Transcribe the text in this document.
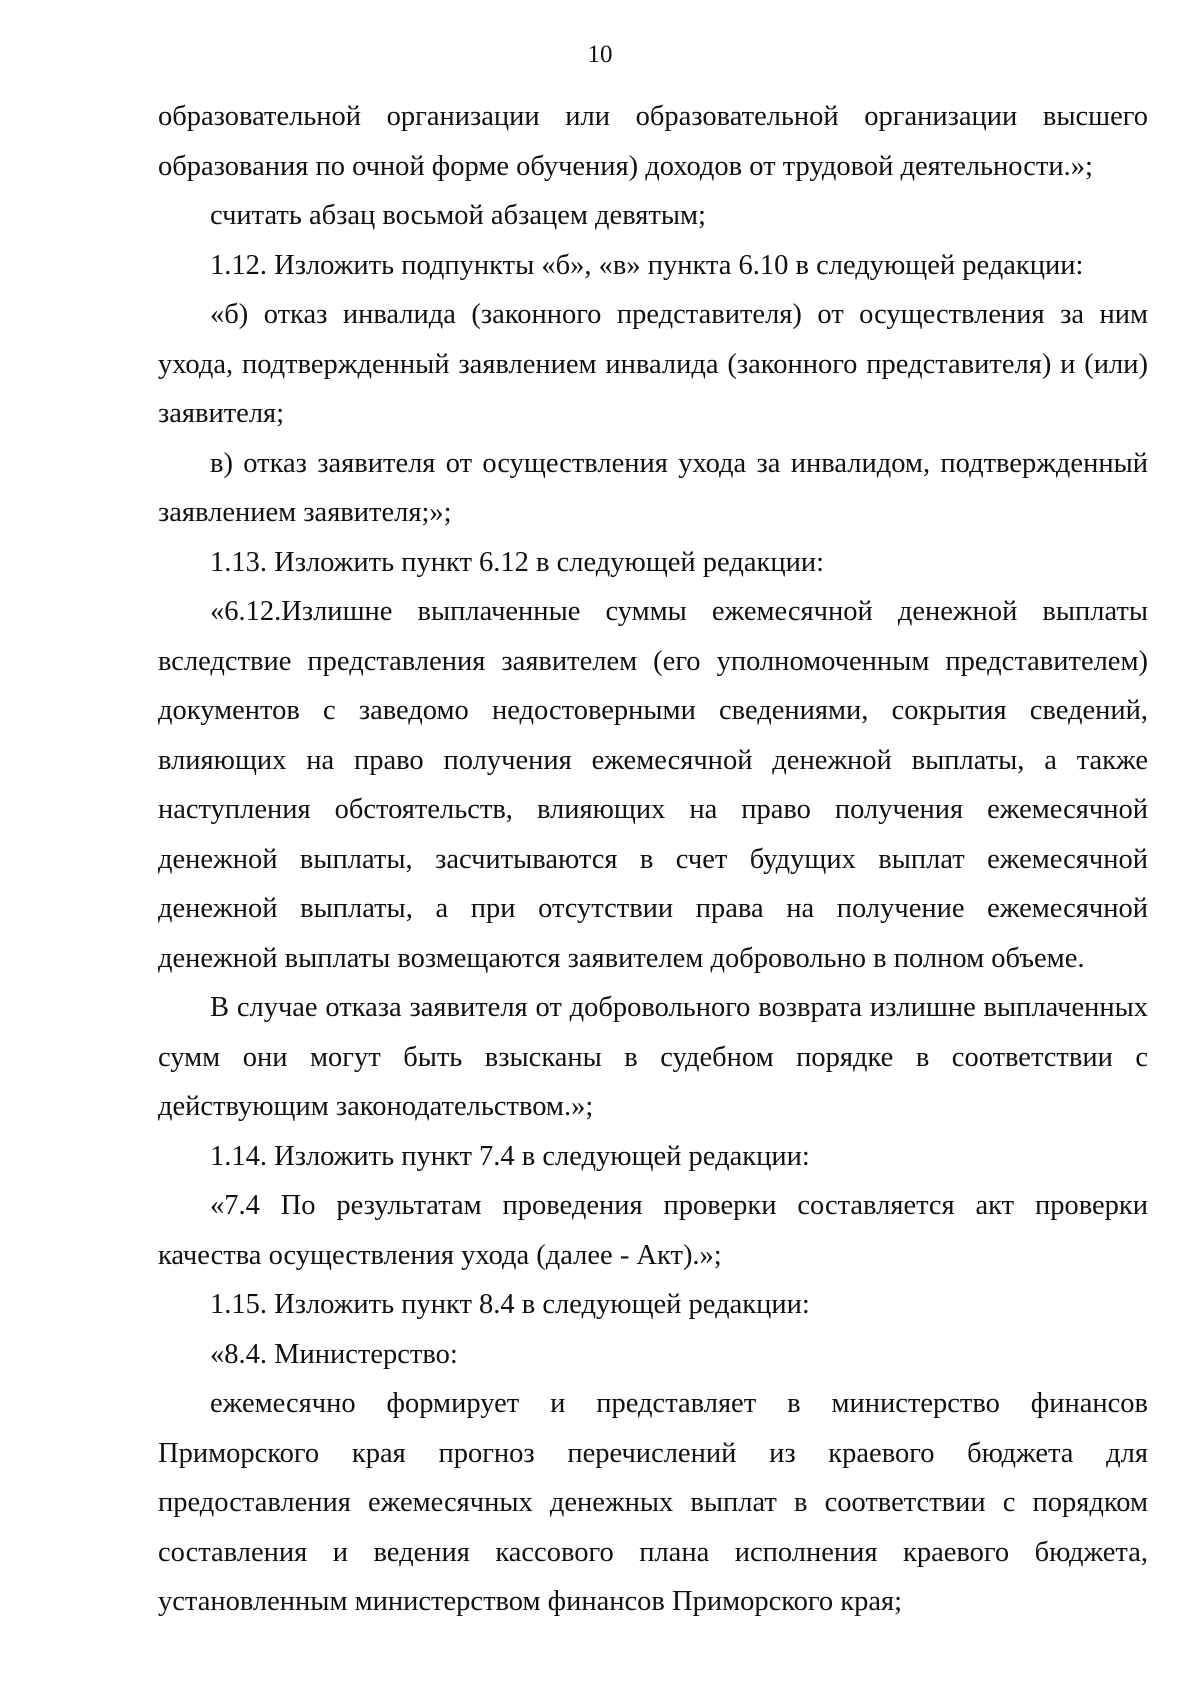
10

образовательной организации или образовательной организации высшего образования по очной форме обучения) доходов от трудовой деятельности.»;

считать абзац восьмой абзацем девятым;

1.12. Изложить подпункты «б», «в» пункта 6.10 в следующей редакции:

«б) отказ инвалида (законного представителя) от осуществления за ним ухода, подтвержденный заявлением инвалида (законного представителя) и (или) заявителя;

в) отказ заявителя от осуществления ухода за инвалидом, подтвержденный заявлением заявителя;»;

1.13. Изложить пункт 6.12 в следующей редакции:

«6.12.Излишне выплаченные суммы ежемесячной денежной выплаты вследствие представления заявителем (его уполномоченным представителем) документов с заведомо недостоверными сведениями, сокрытия сведений, влияющих на право получения ежемесячной денежной выплаты, а также наступления обстоятельств, влияющих на право получения ежемесячной денежной выплаты, засчитываются в счет будущих выплат ежемесячной денежной выплаты, а при отсутствии права на получение ежемесячной денежной выплаты возмещаются заявителем добровольно в полном объеме.

В случае отказа заявителя от добровольного возврата излишне выплаченных сумм они могут быть взысканы в судебном порядке в соответствии с действующим законодательством.»;

1.14. Изложить пункт 7.4 в следующей редакции:

«7.4 По результатам проведения проверки составляется акт проверки качества осуществления ухода (далее - Акт).»;

1.15. Изложить пункт 8.4 в следующей редакции:

«8.4. Министерство:

ежемесячно формирует и представляет в министерство финансов Приморского края прогноз перечислений из краевого бюджета для предоставления ежемесячных денежных выплат в соответствии с порядком составления и ведения кассового плана исполнения краевого бюджета, установленным министерством финансов Приморского края;
